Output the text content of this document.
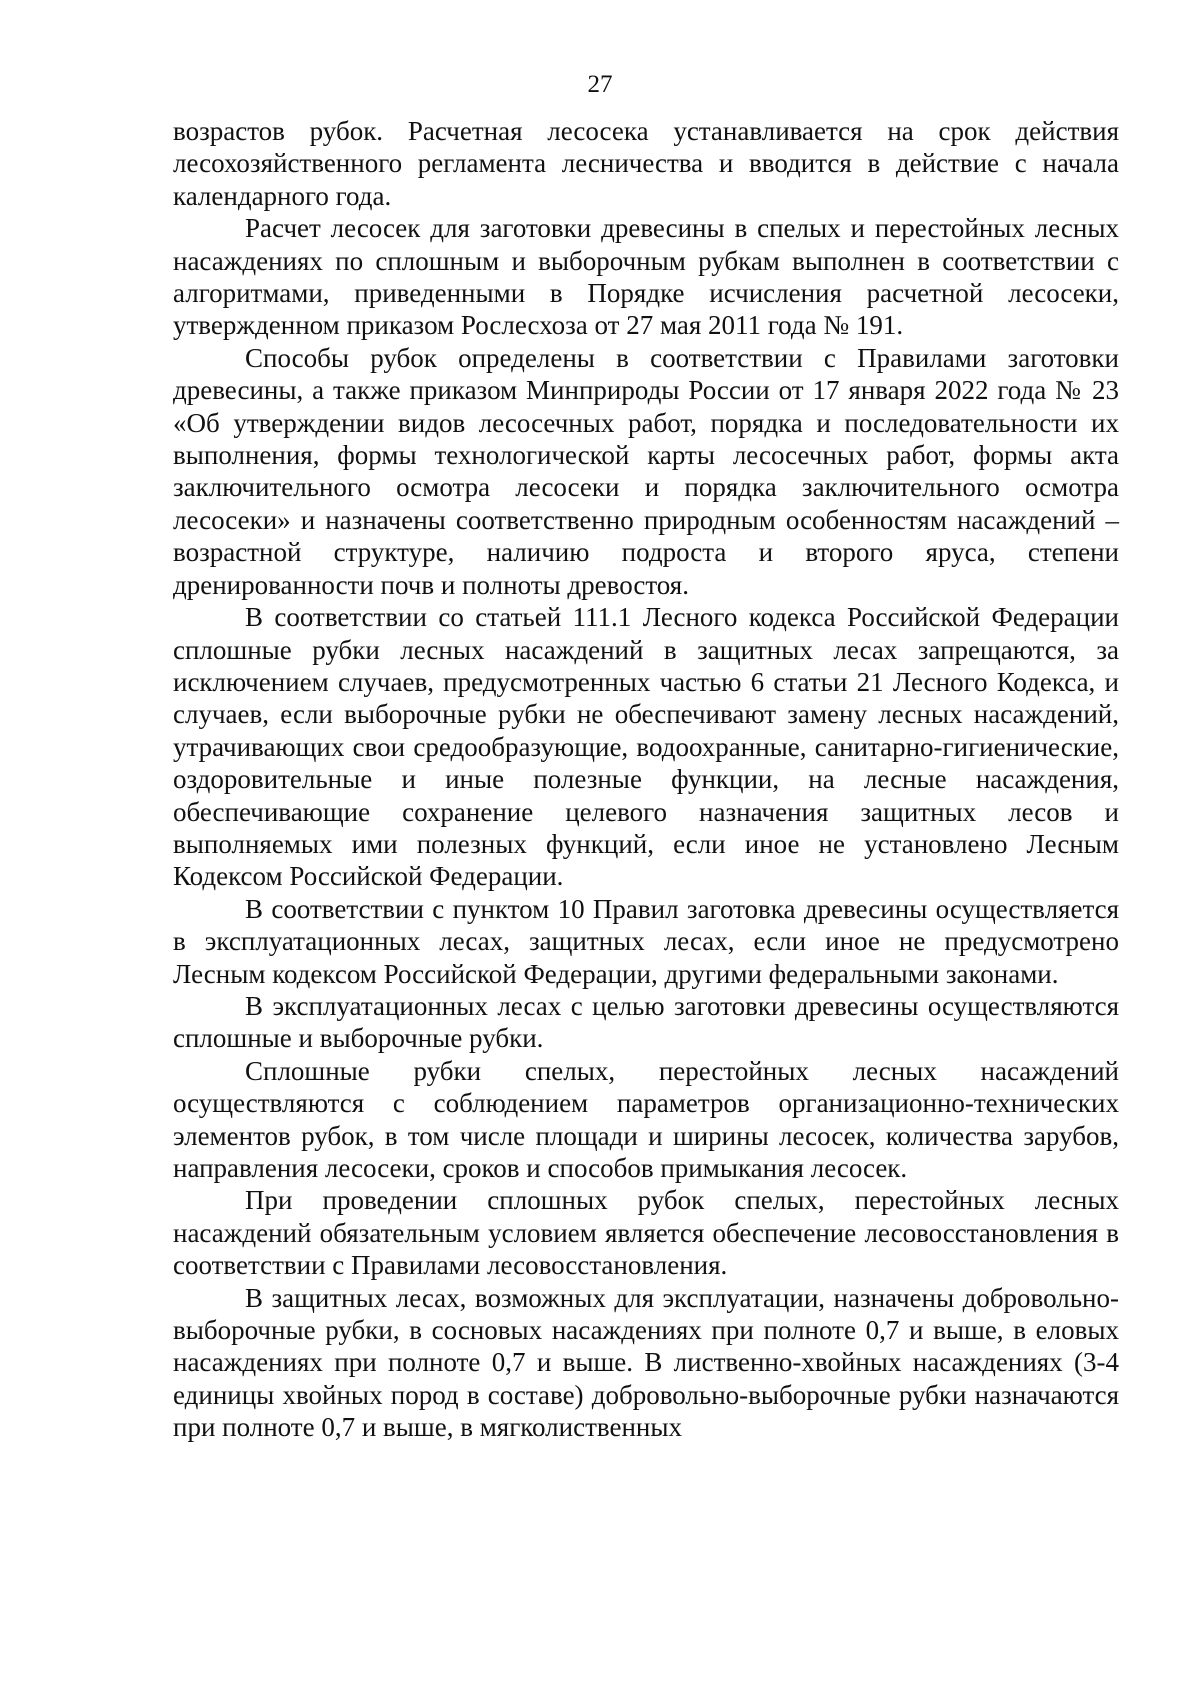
27

возрастов рубок. Расчетная лесосека устанавливается на срок действия лесохозяйственного регламента лесничества и вводится в действие с начала календарного года.

Расчет лесосек для заготовки древесины в спелых и перестойных лесных насаждениях по сплошным и выборочным рубкам выполнен в соответствии с алгоритмами, приведенными в Порядке исчисления расчетной лесосеки, утвержденном приказом Рослесхоза от 27 мая 2011 года № 191.

Способы рубок определены в соответствии с Правилами заготовки древесины, а также приказом Минприроды России от 17 января 2022 года № 23 «Об утверждении видов лесосечных работ, порядка и последовательности их выполнения, формы технологической карты лесосечных работ, формы акта заключительного осмотра лесосеки и порядка заключительного осмотра лесосеки» и назначены соответственно природным особенностям насаждений – возрастной структуре, наличию подроста и второго яруса, степени дренированности почв и полноты древостоя.

В соответствии со статьей 111.1 Лесного кодекса Российской Федерации сплошные рубки лесных насаждений в защитных лесах запрещаются, за исключением случаев, предусмотренных частью 6 статьи 21 Лесного Кодекса, и случаев, если выборочные рубки не обеспечивают замену лесных насаждений, утрачивающих свои средообразующие, водоохранные, санитарно-гигиенические, оздоровительные и иные полезные функции, на лесные насаждения, обеспечивающие сохранение целевого назначения защитных лесов и выполняемых ими полезных функций, если иное не установлено Лесным Кодексом Российской Федерации.

В соответствии с пунктом 10 Правил заготовка древесины осуществляется в эксплуатационных лесах, защитных лесах, если иное не предусмотрено Лесным кодексом Российской Федерации, другими федеральными законами.

В эксплуатационных лесах с целью заготовки древесины осуществляются сплошные и выборочные рубки.

Сплошные рубки спелых, перестойных лесных насаждений осуществляются с соблюдением параметров организационно-технических элементов рубок, в том числе площади и ширины лесосек, количества зарубов, направления лесосеки, сроков и способов примыкания лесосек.

При проведении сплошных рубок спелых, перестойных лесных насаждений обязательным условием является обеспечение лесовосстановления в соответствии с Правилами лесовосстановления.

В защитных лесах, возможных для эксплуатации, назначены добровольно-выборочные рубки, в сосновых насаждениях при полноте 0,7 и выше, в еловых насаждениях при полноте 0,7 и выше. В лиственно-хвойных насаждениях (3-4 единицы хвойных пород в составе) добровольно-выборочные рубки назначаются при полноте 0,7 и выше, в мягколиственных
